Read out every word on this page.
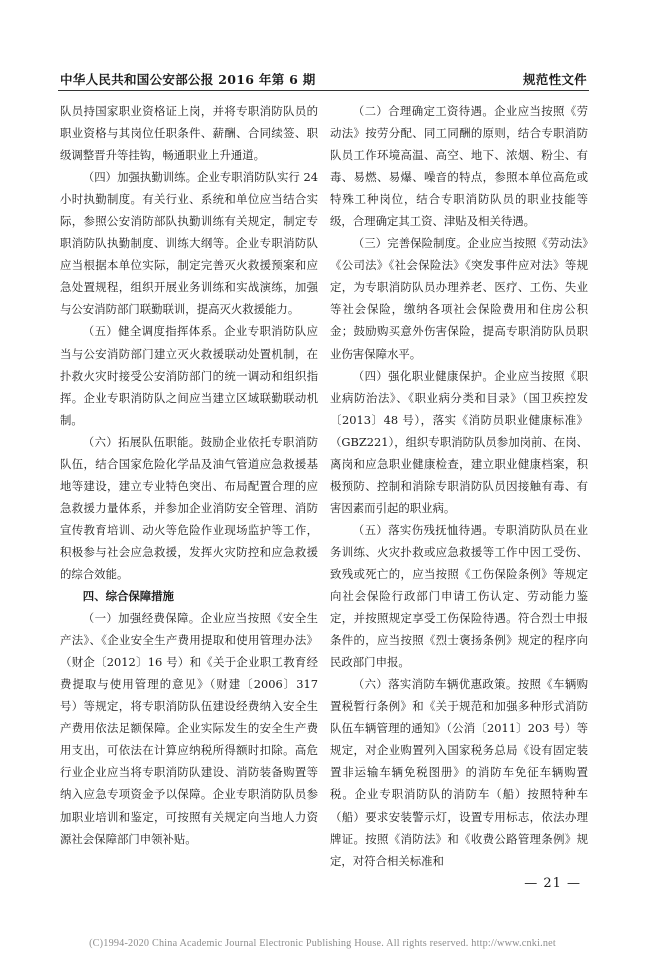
中华人民共和国公安部公报 2016 年第 6 期	规范性文件

队员持国家职业资格证上岗，并将专职消防队员的职业资格与其岗位任职条件、薪酬、合同续签、职级调整晋升等挂钩，畅通职业上升通道。

（四）加强执勤训练。企业专职消防队实行 24 小时执勤制度。有关行业、系统和单位应当结合实际，参照公安消防部队执勤训练有关规定，制定专职消防队执勤制度、训练大纲等。企业专职消防队应当根据本单位实际，制定完善灭火救援预案和应急处置规程，组织开展业务训练和实战演练，加强与公安消防部门联勤联训，提高灭火救援能力。

（五）健全调度指挥体系。企业专职消防队应当与公安消防部门建立灭火救援联动处置机制，在扑救火灾时接受公安消防部门的统一调动和组织指挥。企业专职消防队之间应当建立区域联勤联动机制。

（六）拓展队伍职能。鼓励企业依托专职消防队伍，结合国家危险化学品及油气管道应急救援基地等建设，建立专业特色突出、布局配置合理的应急救援力量体系，并参加企业消防安全管理、消防宣传教育培训、动火等危险作业现场监护等工作，积极参与社会应急救援，发挥火灾防控和应急救援的综合效能。

四、综合保障措施

（一）加强经费保障。企业应当按照《安全生产法》、《企业安全生产费用提取和使用管理办法》（财企〔2012〕16 号）和《关于企业职工教育经费提取与使用管理的意见》（财建〔2006〕317 号）等规定，将专职消防队伍建设经费纳入安全生产费用依法足额保障。企业实际发生的安全生产费用支出，可依法在计算应纳税所得额时扣除。高危行业企业应当将专职消防队建设、消防装备购置等纳入应急专项资金予以保障。企业专职消防队员参加职业培训和鉴定，可按照有关规定向当地人力资源社会保障部门申领补贴。

（二）合理确定工资待遇。企业应当按照《劳动法》按劳分配、同工同酬的原则，结合专职消防队员工作环境高温、高空、地下、浓烟、粉尘、有毒、易燃、易爆、噪音的特点，参照本单位高危或特殊工种岗位，结合专职消防队员的职业技能等级，合理确定其工资、津贴及相关待遇。

（三）完善保险制度。企业应当按照《劳动法》《公司法》《社会保险法》《突发事件应对法》等规定，为专职消防队员办理养老、医疗、工伤、失业等社会保险，缴纳各项社会保险费用和住房公积金；鼓励购买意外伤害保险，提高专职消防队员职业伤害保障水平。

（四）强化职业健康保护。企业应当按照《职业病防治法》、《职业病分类和目录》（国卫疾控发〔2013〕48 号），落实《消防员职业健康标准》（GBZ221），组织专职消防队员参加岗前、在岗、离岗和应急职业健康检查，建立职业健康档案，积极预防、控制和消除专职消防队员因接触有毒、有害因素而引起的职业病。

（五）落实伤残抚恤待遇。专职消防队员在业务训练、火灾扑救或应急救援等工作中因工受伤、致残或死亡的，应当按照《工伤保险条例》等规定向社会保险行政部门申请工伤认定、劳动能力鉴定，并按照规定享受工伤保险待遇。符合烈士申报条件的，应当按照《烈士褒扬条例》规定的程序向民政部门申报。

（六）落实消防车辆优惠政策。按照《车辆购置税暂行条例》和《关于规范和加强多种形式消防队伍车辆管理的通知》（公消〔2011〕203 号）等规定，对企业购置列入国家税务总局《设有固定装置非运输车辆免税图册》的消防车免征车辆购置税。企业专职消防队的消防车（船）按照特种车（船）要求安装警示灯，设置专用标志，依法办理牌证。按照《消防法》和《收费公路管理条例》规定，对符合相关标准和

— 21 —
(C)1994-2020 China Academic Journal Electronic Publishing House. All rights reserved. http://www.cnki.net
